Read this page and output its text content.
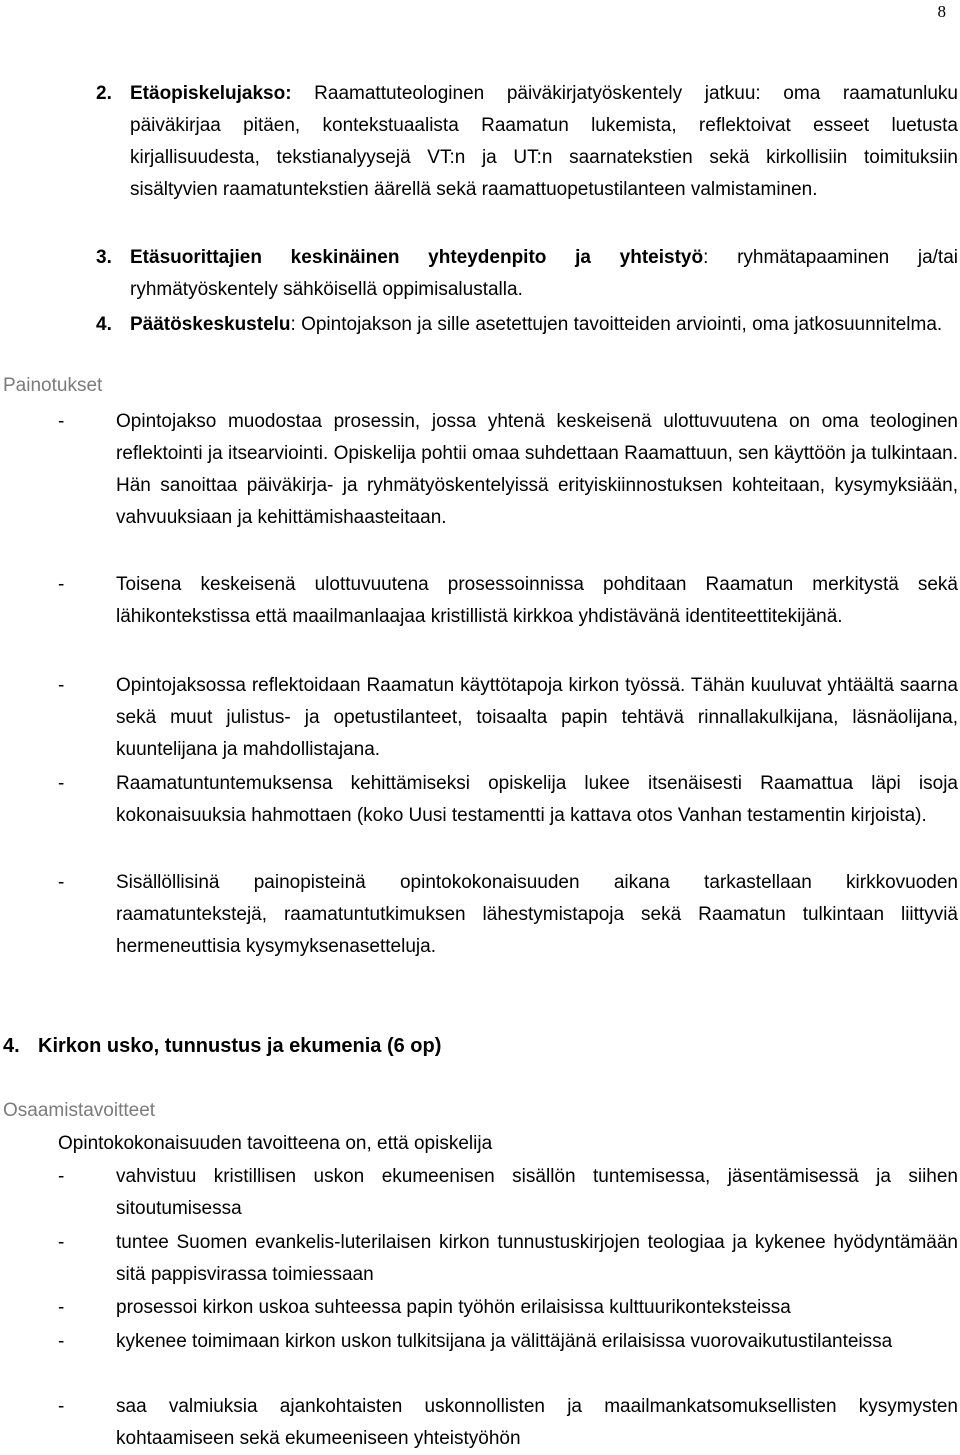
8
2. Etäopiskelujakso: Raamattuteologinen päiväkirjatyöskentely jatkuu: oma raamatunluku päiväkirjaa pitäen, kontekstuaalista Raamatun lukemista, reflektoivat esseet luetusta kirjallisuudesta, tekstianalyysejä VT:n ja UT:n saarnatekstien sekä kirkollisiin toimituksiin sisältyvien raamatuntekstien äärellä sekä raamattuopetustilanteen valmistaminen.
3. Etäsuorittajien keskinäinen yhteydenpito ja yhteistyö: ryhmätapaaminen ja/tai ryhmätyöskentely sähköisellä oppimisalustalla.
4. Päätöskeskustelu: Opintojakson ja sille asetettujen tavoitteiden arviointi, oma jatkosuunnitelma.
Painotukset
-	Opintojakso muodostaa prosessin, jossa yhtenä keskeisenä ulottuvuutena on oma teologinen reflektointi ja itsearviointi. Opiskelija pohtii omaa suhdettaan Raamattuun, sen käyttöön ja tulkintaan. Hän sanoittaa päiväkirja- ja ryhmätyöskentelyissä erityiskiinnostuksen kohteitaan, kysymyksiään, vahvuuksiaan ja kehittämishaasteitaan.
-	Toisena keskeisenä ulottuvuutena prosessoinnissa pohditaan Raamatun merkitystä sekä lähikontekstissa että maailmanlaajaa kristillistä kirkkoa yhdistävänä identiteettitekijänä.
-	Opintojaksossa reflektoidaan Raamatun käyttötapoja kirkon työssä. Tähän kuuluvat yhtäältä saarna sekä muut julistus- ja opetustilanteet, toisaalta papin tehtävä rinnallakulkijana, läsnäolijana, kuuntelijana ja mahdollistajana.
-	Raamatuntuntemuksensa kehittämiseksi opiskelija lukee itsenäisesti Raamattua läpi isoja kokonaisuuksia hahmottaen (koko Uusi testamentti ja kattava otos Vanhan testamentin kirjoista).
-	Sisällöllisinä painopisteinä opintokokonaisuuden aikana tarkastellaan kirkkovuoden raamatuntekstejä, raamatuntutkimuksen lähestymistapoja sekä Raamatun tulkintaan liittyviä hermeneuttisia kysymyksenasetteluja.
4. Kirkon usko, tunnustus ja ekumenia (6 op)
Osaamistavoitteet
Opintokokonaisuuden tavoitteena on, että opiskelija
-	vahvistuu kristillisen uskon ekumeenisen sisällön tuntemisessa, jäsentämisessä ja siihen sitoutumisessa
-	tuntee Suomen evankelis-luterilaisen kirkon tunnustuskirjojen teologiaa ja kykenee hyödyntämään sitä pappisvirassa toimiessaan
-	prosessoi kirkon uskoa suhteessa papin työhön erilaisissa kulttuurikonteksteissa
-	kykenee toimimaan kirkon uskon tulkitsijana ja välittäjänä erilaisissa vuorovaikutustilanteissa
-	saa valmiuksia ajankohtaisten uskonnollisten ja maailmankatsomuksellisten kysymysten kohtaamiseen sekä ekumeeniseen yhteistyöhön
